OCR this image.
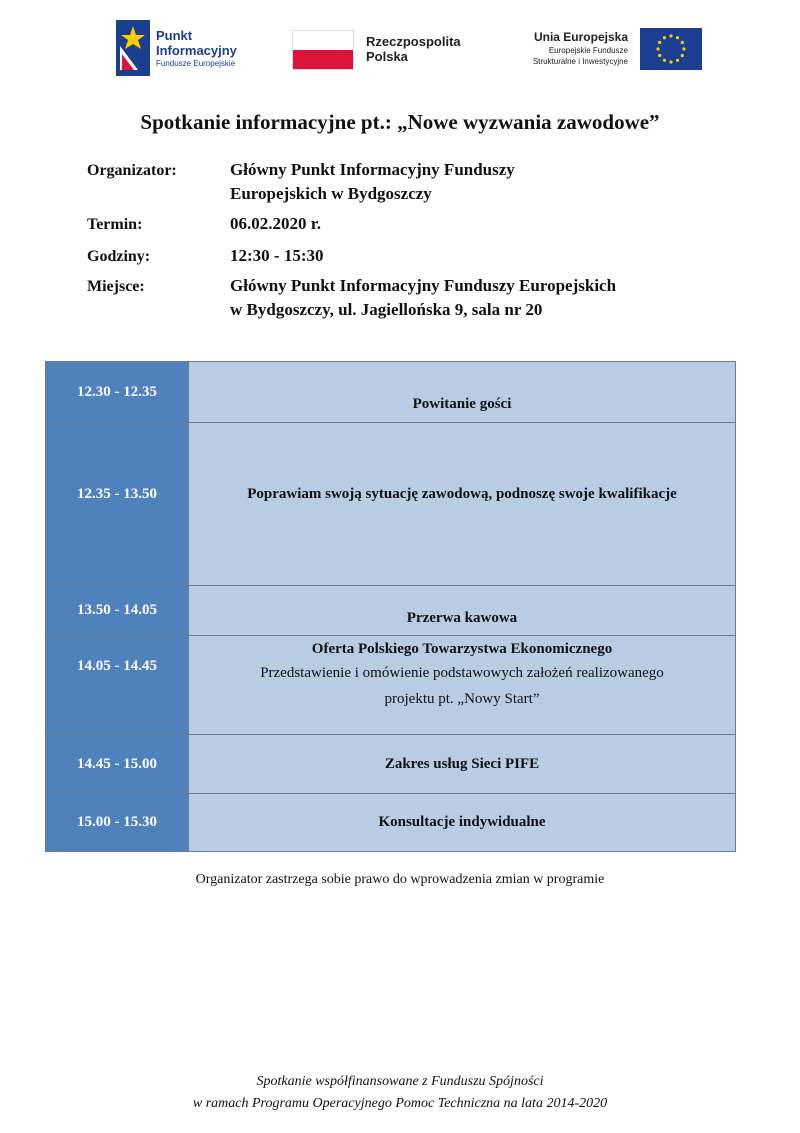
Punkt
Informacyjny
Fundusze Europejskie
Rzeczpospolita
Polska
Unia Europejska
Europejskie Fundusze
Strukturalne i Inwestycyjne
Spotkanie informacyjne pt.: „Nowe wyzwania zawodowe”
Organizator:	Główny Punkt Informacyjny Funduszy
Europejskich w Bydgoszczy
Termin:	06.02.2020 r.
Godziny:	12:30 - 15:30
Miejsce:	Główny Punkt Informacyjny Funduszy Europejskich
w Bydgoszczy, ul. Jagiellońska 9, sala nr 20
12.30 - 12.35	Powitanie gości
12.35 - 13.50	Poprawiam swoją sytuację zawodową, podnoszę swoje kwalifikacje
13.50 - 14.05	Przerwa kawowa
14.05 - 14.45	Oferta Polskiego Towarzystwa Ekonomicznego
Przedstawienie i omówienie podstawowych założeń realizowanego
projektu pt. „Nowy Start”

14.45 - 15.00	Zakres usług Sieci PIFE
15.00 - 15.30	Konsultacje indywidualne
Organizator zastrzega sobie prawo do wprowadzenia zmian w programie
Spotkanie współfinansowane z Funduszu Spójności
w ramach Programu Operacyjnego Pomoc Techniczna na lata 2014-2020
